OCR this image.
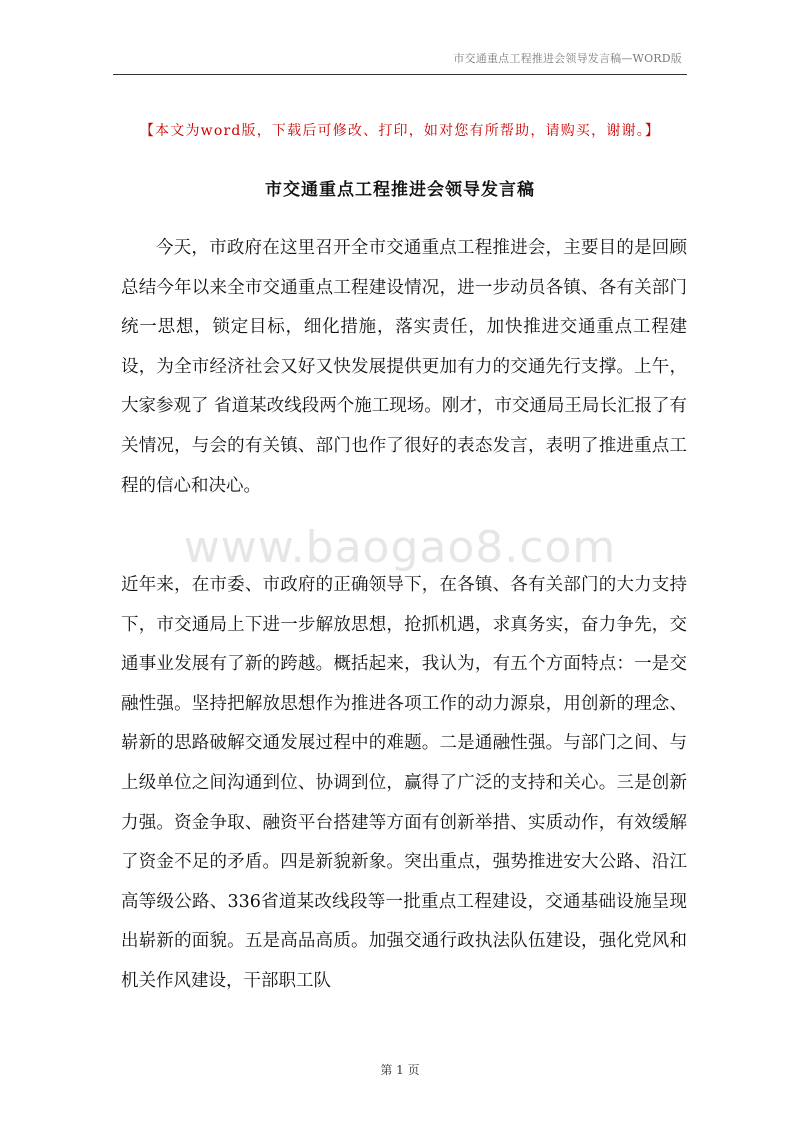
市交通重点工程推进会领导发言稿—WORD版
【本文为word版，下载后可修改、打印，如对您有所帮助，请购买，谢谢。】
市交通重点工程推进会领导发言稿

今天，市政府在这里召开全市交通重点工程推进会，主要目的是回顾总结今年以来全市交通重点工程建设情况，进一步动员各镇、各有关部门统一思想，锁定目标，细化措施，落实责任，加快推进交通重点工程建设，为全市经济社会又好又快发展提供更加有力的交通先行支撑。上午，大家参观了 省道某改线段两个施工现场。刚才，市交通局王局长汇报了有关情况，与会的有关镇、部门也作了很好的表态发言，表明了推进重点工程的信心和决心。

www.baogao8.com

近年来，在市委、市政府的正确领导下，在各镇、各有关部门的大力支持下，市交通局上下进一步解放思想，抢抓机遇，求真务实，奋力争先，交通事业发展有了新的跨越。概括起来，我认为，有五个方面特点：一是交融性强。坚持把解放思想作为推进各项工作的动力源泉，用创新的理念、崭新的思路破解交通发展过程中的难题。二是通融性强。与部门之间、与上级单位之间沟通到位、协调到位，赢得了广泛的支持和关心。三是创新力强。资金争取、融资平台搭建等方面有创新举措、实质动作，有效缓解了资金不足的矛盾。四是新貌新象。突出重点，强势推进安大公路、沿江高等级公路、336省道某改线段等一批重点工程建设，交通基础设施呈现出崭新的面貌。五是高品高质。加强交通行政执法队伍建设，强化党风和机关作风建设，干部职工队

第 1 页
